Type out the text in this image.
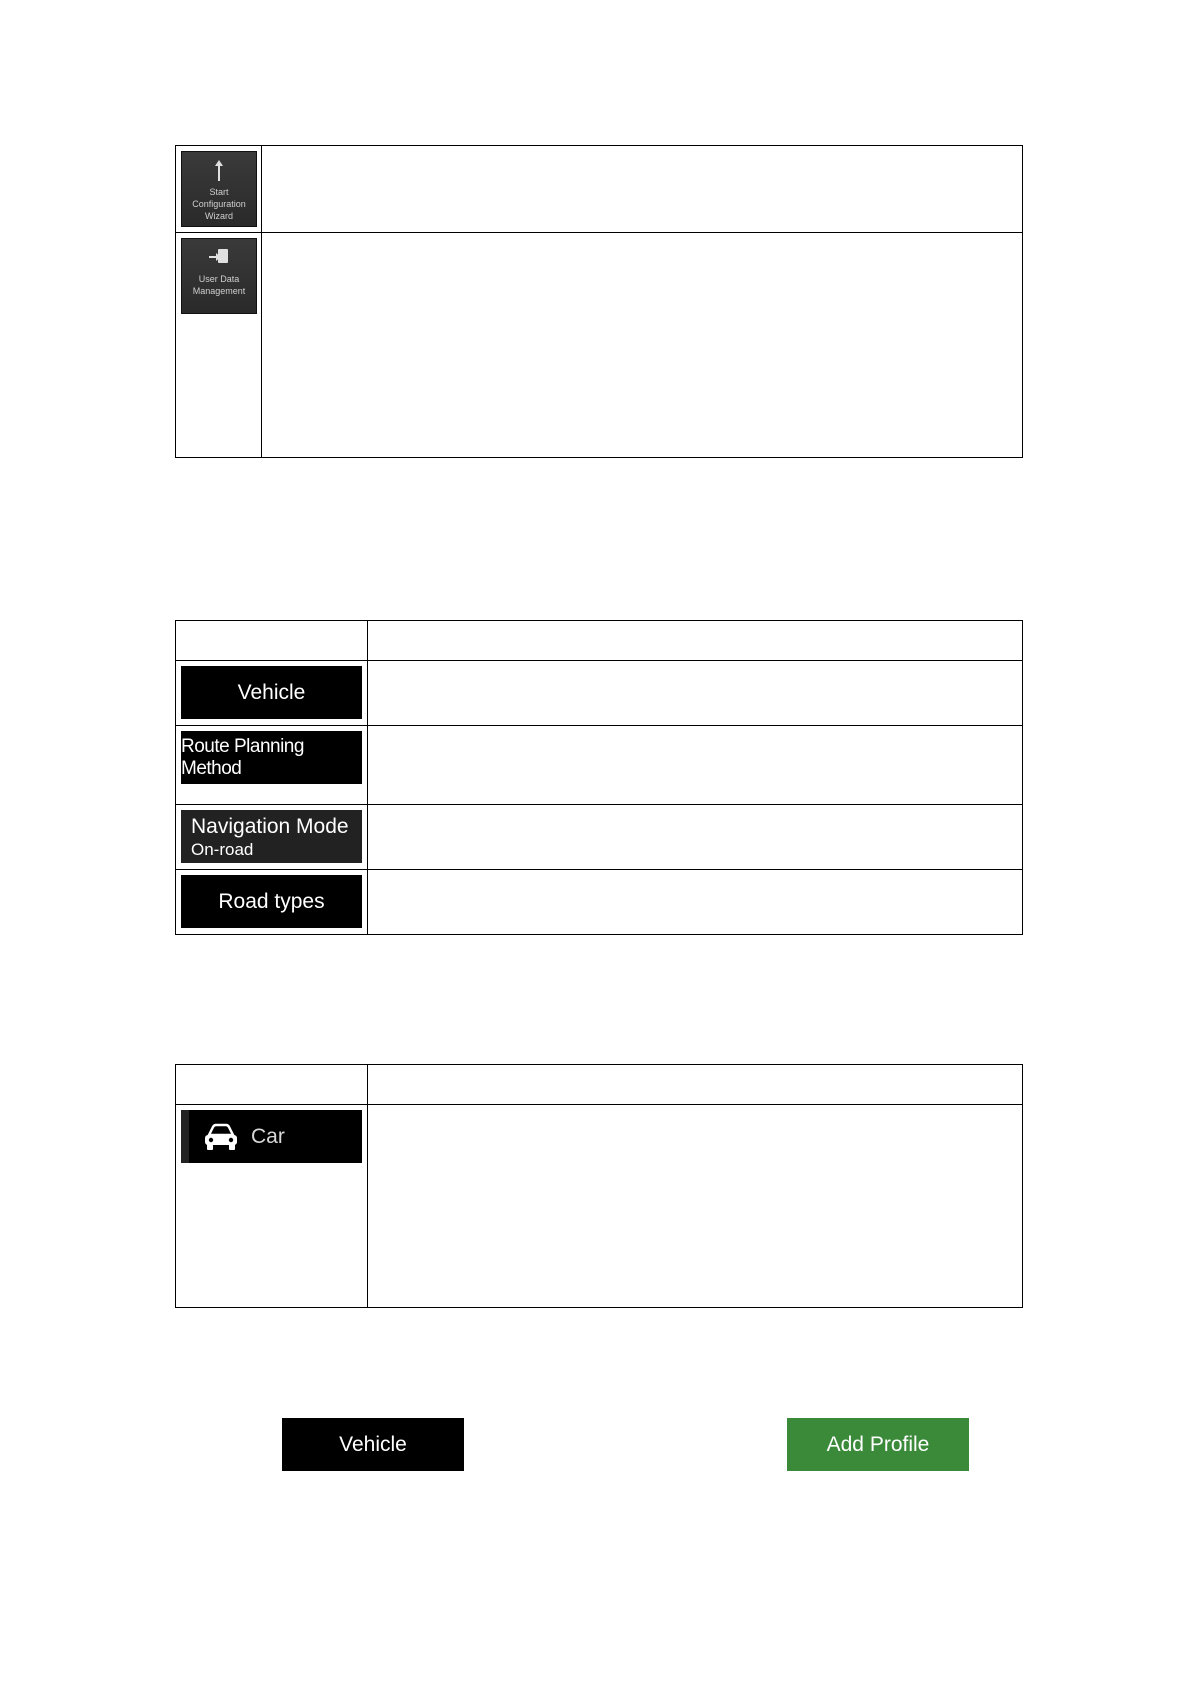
Start Configuration Wizard	

User Data Management	

Vehicle	

Route Planning Method	

Navigation Mode
On-road	

Road types	

Car	

Vehicle	Add Profile
